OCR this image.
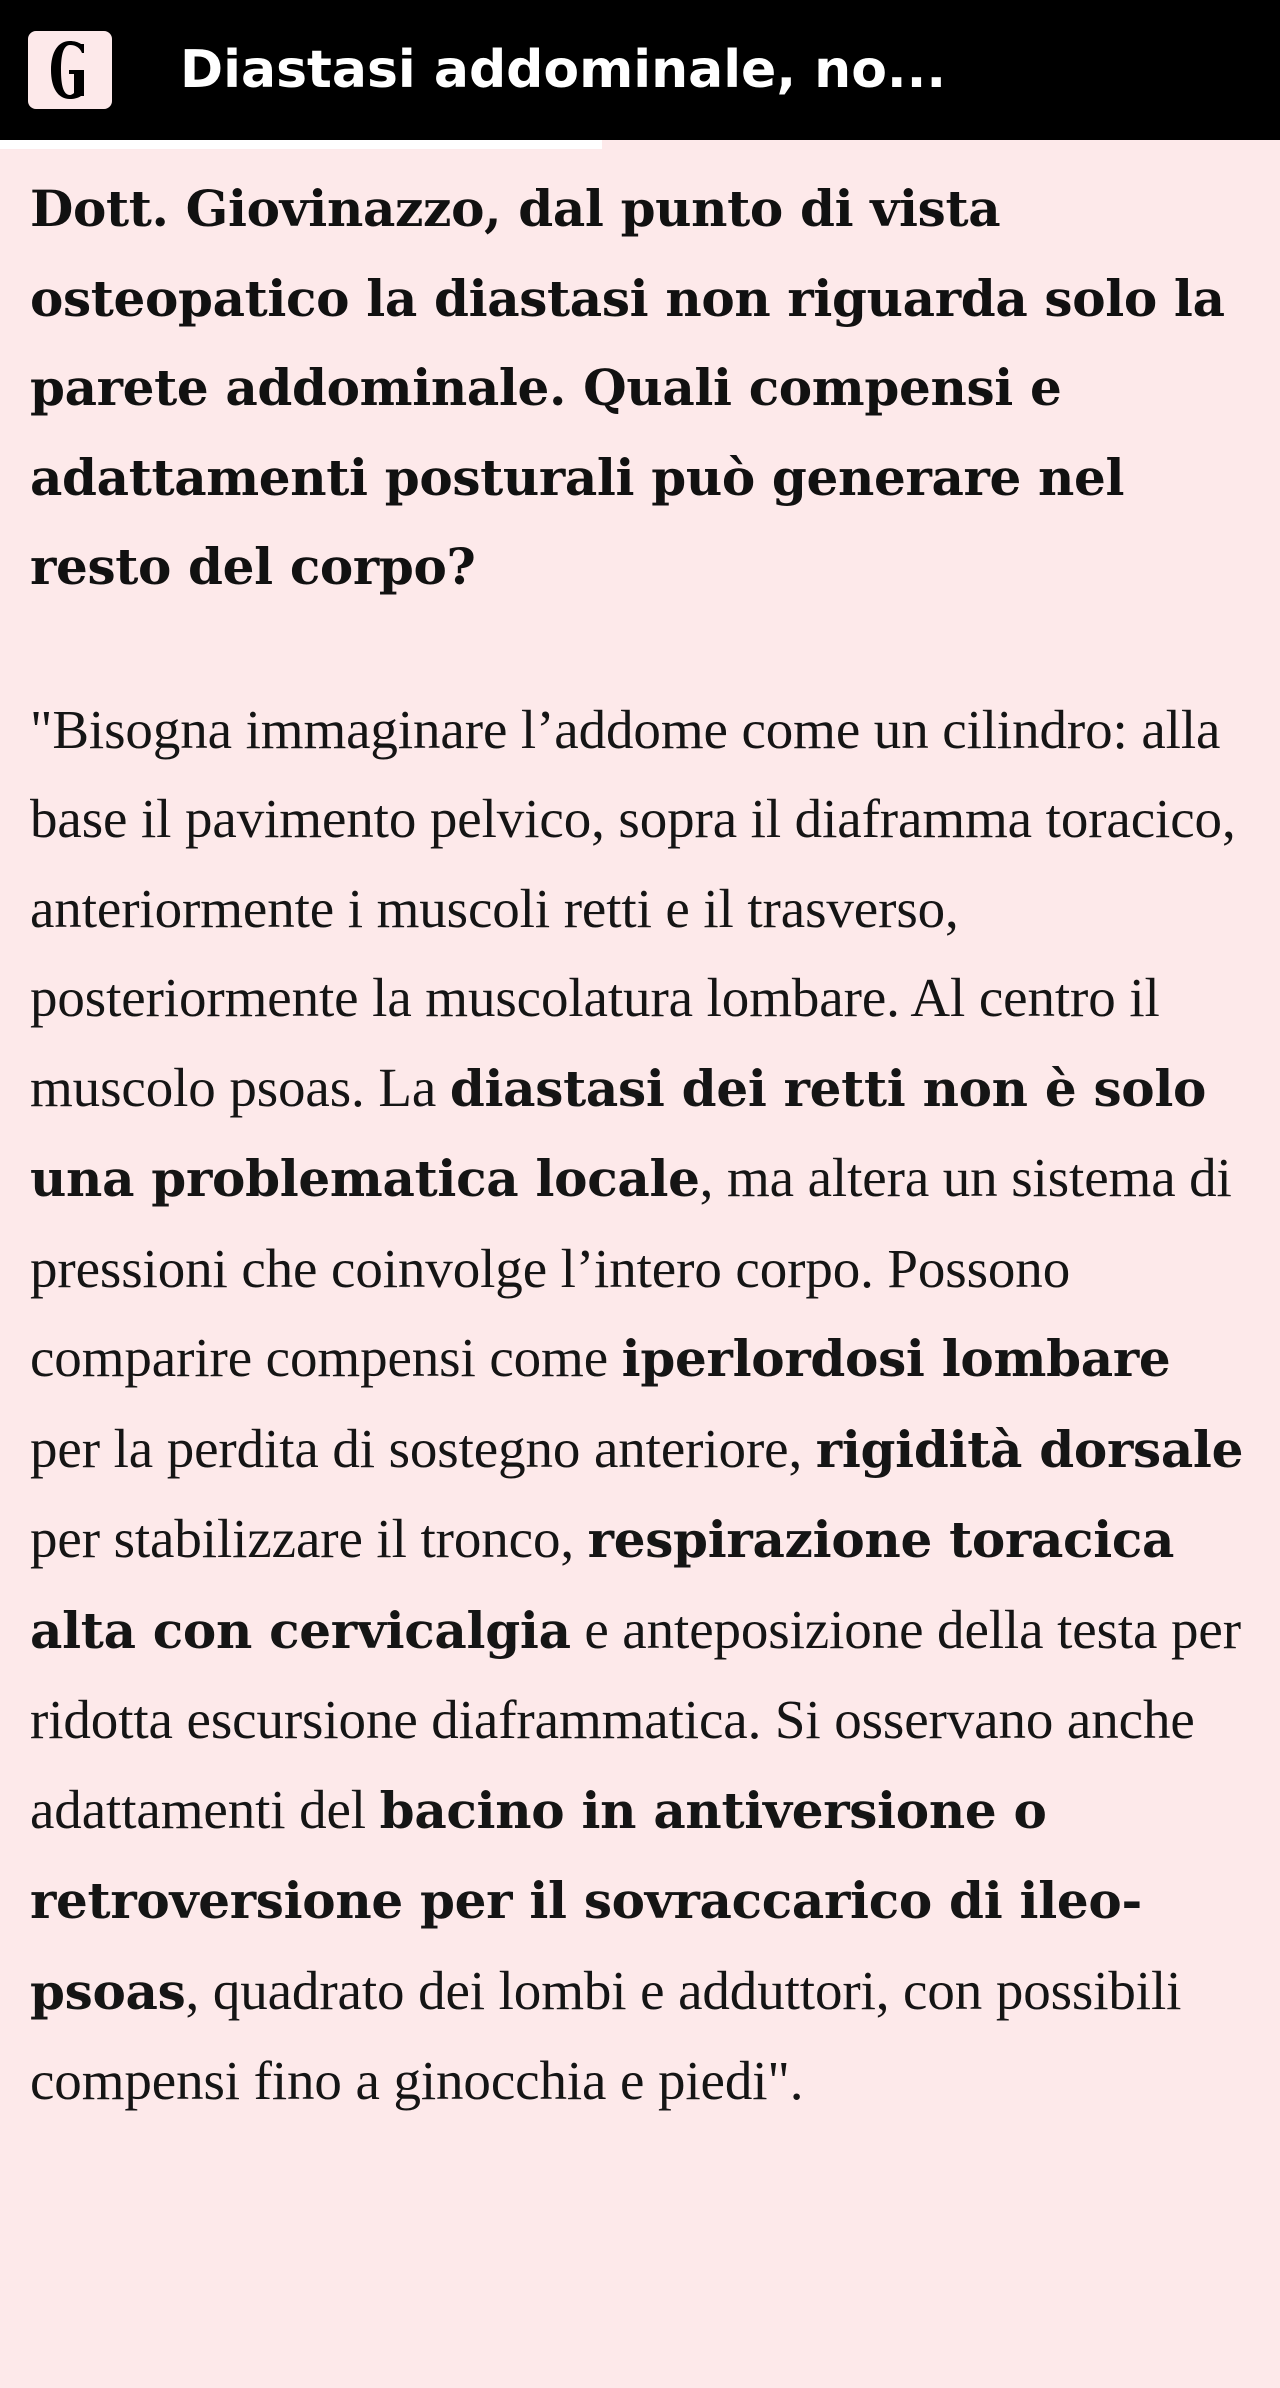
Diastasi addominale, no...

Dott. Giovinazzo, dal punto di vista osteopatico la diastasi non riguarda solo la parete addominale. Quali compensi e adattamenti posturali può generare nel resto del corpo?

"Bisogna immaginare l’addome come un cilindro: alla base il pavimento pelvico, sopra il diaframma toracico, anteriormente i muscoli retti e il trasverso, posteriormente la muscolatura lombare. Al centro il muscolo psoas. La diastasi dei retti non è solo una problematica locale, ma altera un sistema di pressioni che coinvolge l’intero corpo. Possono comparire compensi come iperlordosi lombare per la perdita di sostegno anteriore, rigidità dorsale per stabilizzare il tronco, respirazione toracica alta con cervicalgia e anteposizione della testa per ridotta escursione diaframmatica. Si osservano anche adattamenti del bacino in antiversione o retroversione per il sovraccarico di ileo-psoas, quadrato dei lombi e adduttori, con possibili compensi fino a ginocchia e piedi".
